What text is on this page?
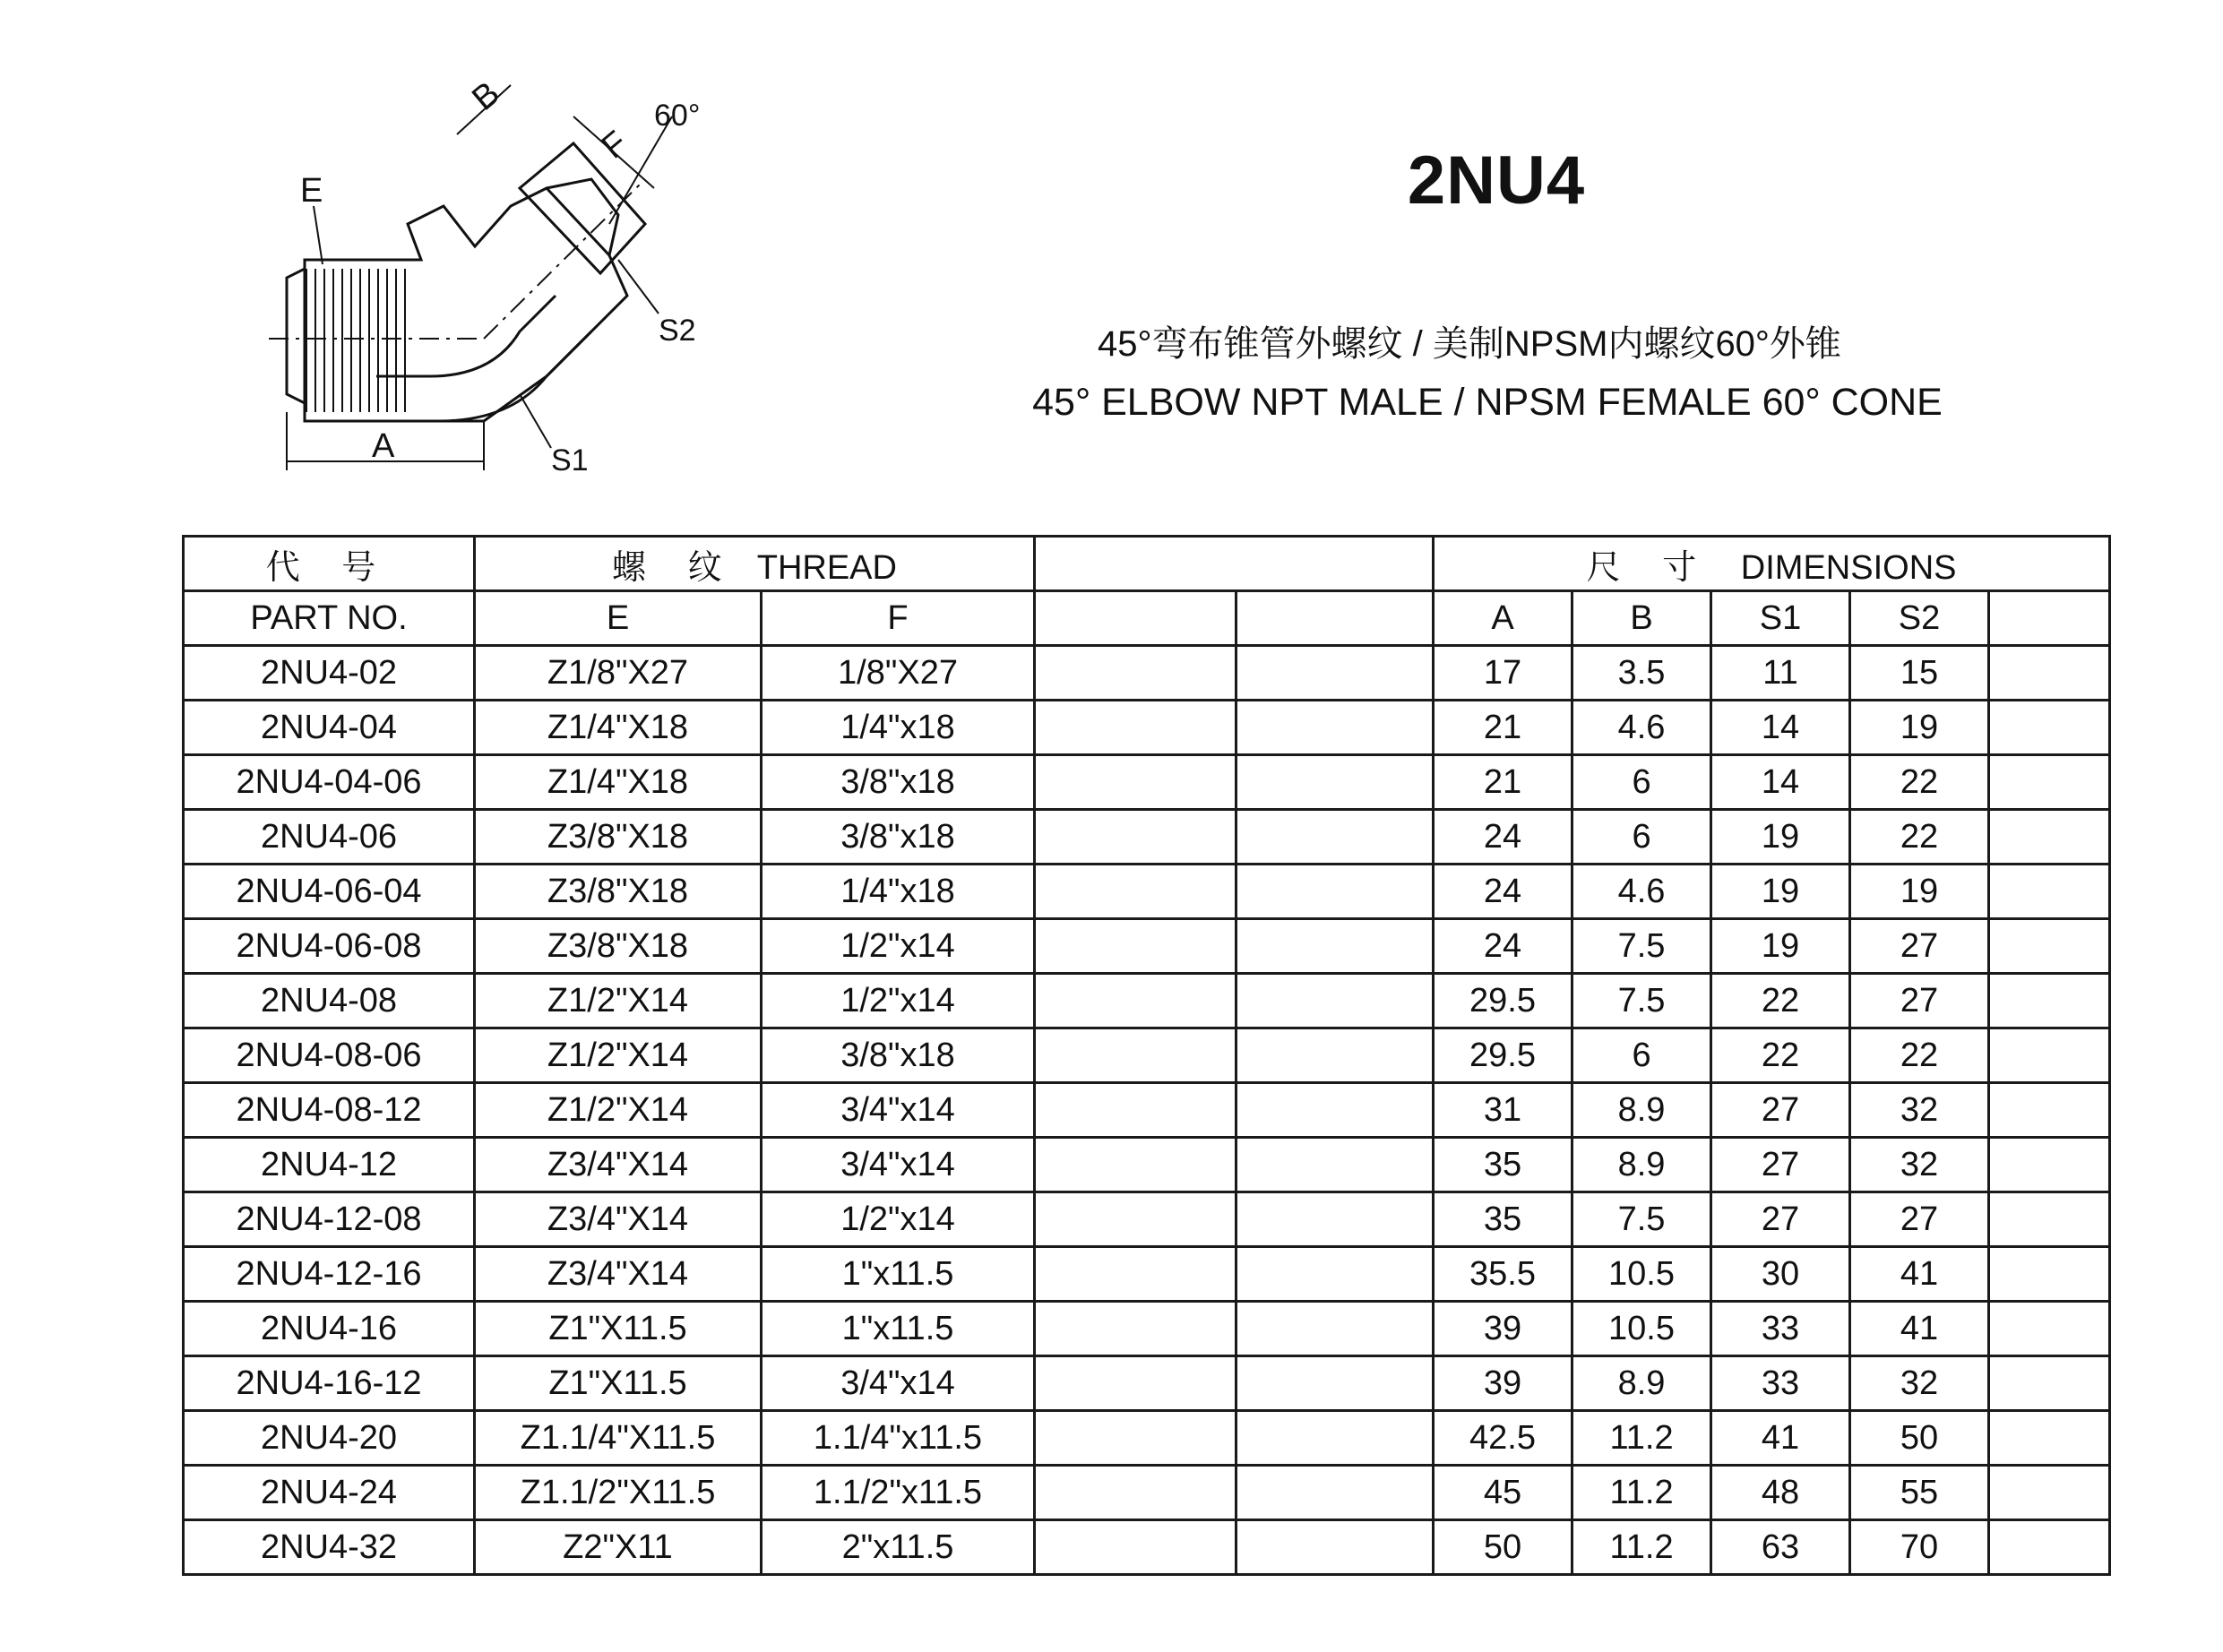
E
B
F
60°
S2
S1
A
2NU4
45°弯布锥管外螺纹 / 美制NPSM内螺纹60°外锥
45° ELBOW NPT MALE / NPSM FEMALE 60° CONE
代 号	螺 纹 THREAD				尺 寸 DIMENSIONS				
PART NO.	E	F			A	B	S1	S2	
2NU4-02	Z1/8"X27	1/8"X27			17	3.5	11	15	
2NU4-04	Z1/4"X18	1/4"x18			21	4.6	14	19	
2NU4-04-06	Z1/4"X18	3/8"x18			21	6	14	22	
2NU4-06	Z3/8"X18	3/8"x18			24	6	19	22	
2NU4-06-04	Z3/8"X18	1/4"x18			24	4.6	19	19	
2NU4-06-08	Z3/8"X18	1/2"x14			24	7.5	19	27	
2NU4-08	Z1/2"X14	1/2"x14			29.5	7.5	22	27	
2NU4-08-06	Z1/2"X14	3/8"x18			29.5	6	22	22	
2NU4-08-12	Z1/2"X14	3/4"x14			31	8.9	27	32	
2NU4-12	Z3/4"X14	3/4"x14			35	8.9	27	32	
2NU4-12-08	Z3/4"X14	1/2"x14			35	7.5	27	27	
2NU4-12-16	Z3/4"X14	1"x11.5			35.5	10.5	30	41	
2NU4-16	Z1"X11.5	1"x11.5			39	10.5	33	41	
2NU4-16-12	Z1"X11.5	3/4"x14			39	8.9	33	32	
2NU4-20	Z1.1/4"X11.5	1.1/4"x11.5			42.5	11.2	41	50	
2NU4-24	Z1.1/2"X11.5	1.1/2"x11.5			45	11.2	48	55	
2NU4-32	Z2"X11	2"x11.5			50	11.2	63	70	
